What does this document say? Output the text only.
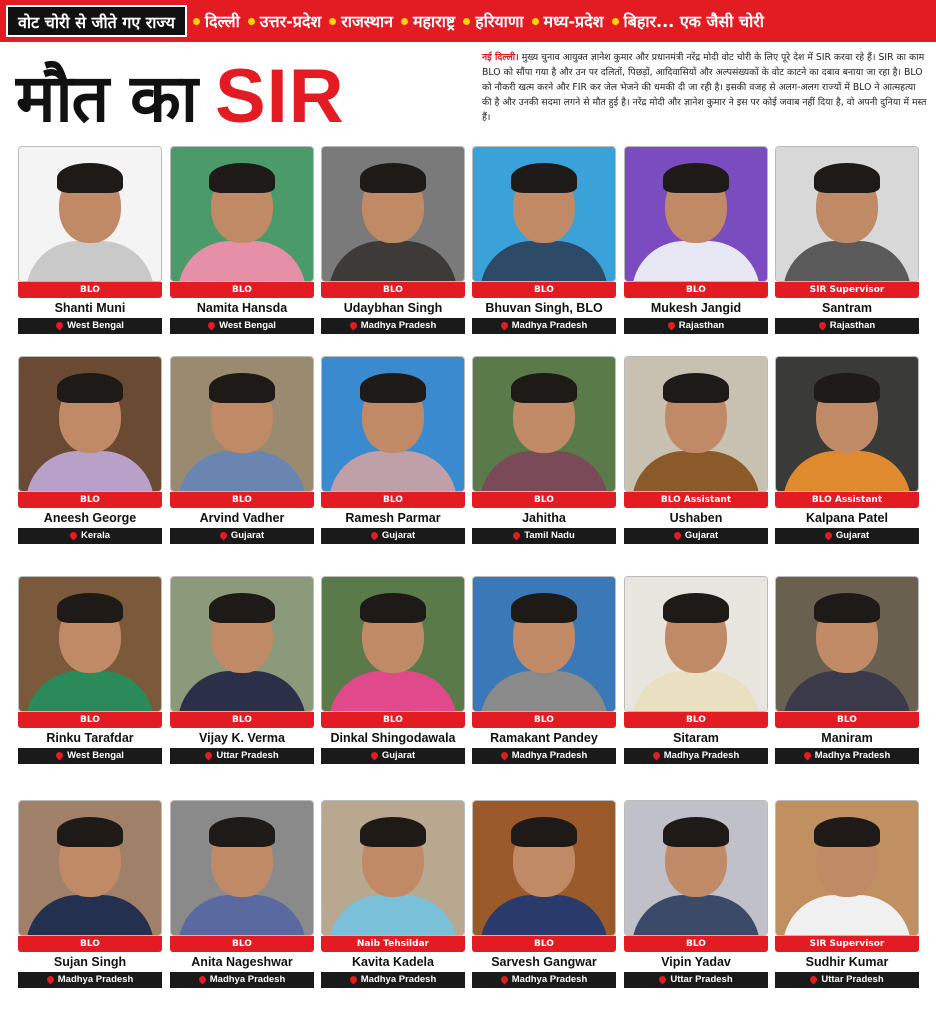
वोट चोरी से जीते गए राज्य	दिल्ली उत्तर-प्रदेश राजस्थान महाराष्ट्र हरियाणा मध्य-प्रदेश बिहार... एक जैसी चोरी
मौत का SIR	नई दिल्ली। मुख्य चुनाव आयुक्त ज्ञानेश कुमार और प्रधानमंत्री नरेंद्र मोदी वोट चोरी के लिए पूरे देश में SIR करवा रहे हैं। SIR का काम BLO को सौंपा गया है और उन पर दलितों, पिछड़ों, आदिवासियों और अल्पसंख्यकों के वोट काटने का दबाव बनाया जा रहा है। BLO को नौकरी खत्म करने और FIR कर जेल भेजने की धमकी दी जा रही है। इसकी वजह से अलग-अलग राज्यों में BLO ने आत्महत्या की है और उनकी सदमा लगने से मौत हुई है। नरेंद्र मोदी और ज्ञानेश कुमार ने इस पर कोई जवाब नहीं दिया है, वो अपनी दुनिया में मस्त हैं।
BLO
Shanti Muni
West Bengal
BLO
Namita Hansda
West Bengal
BLO
Udaybhan Singh
Madhya Pradesh
BLO
Bhuvan Singh, BLO
Madhya Pradesh
BLO
Mukesh Jangid
Rajasthan
SIR Supervisor
Santram
Rajasthan
BLO
Aneesh George
Kerala
BLO
Arvind Vadher
Gujarat
BLO
Ramesh Parmar
Gujarat
BLO
Jahitha
Tamil Nadu
BLO Assistant
Ushaben
Gujarat
BLO Assistant
Kalpana Patel
Gujarat
BLO
Rinku Tarafdar
West Bengal
BLO
Vijay K. Verma
Uttar Pradesh
BLO
Dinkal Shingodawala
Gujarat
BLO
Ramakant Pandey
Madhya Pradesh
BLO
Sitaram
Madhya Pradesh
BLO
Maniram
Madhya Pradesh
BLO
Sujan Singh
Madhya Pradesh
BLO
Anita Nageshwar
Madhya Pradesh
Naib Tehsildar
Kavita Kadela
Madhya Pradesh
BLO
Sarvesh Gangwar
Madhya Pradesh
BLO
Vipin Yadav
Uttar Pradesh
SIR Supervisor
Sudhir Kumar
Uttar Pradesh
